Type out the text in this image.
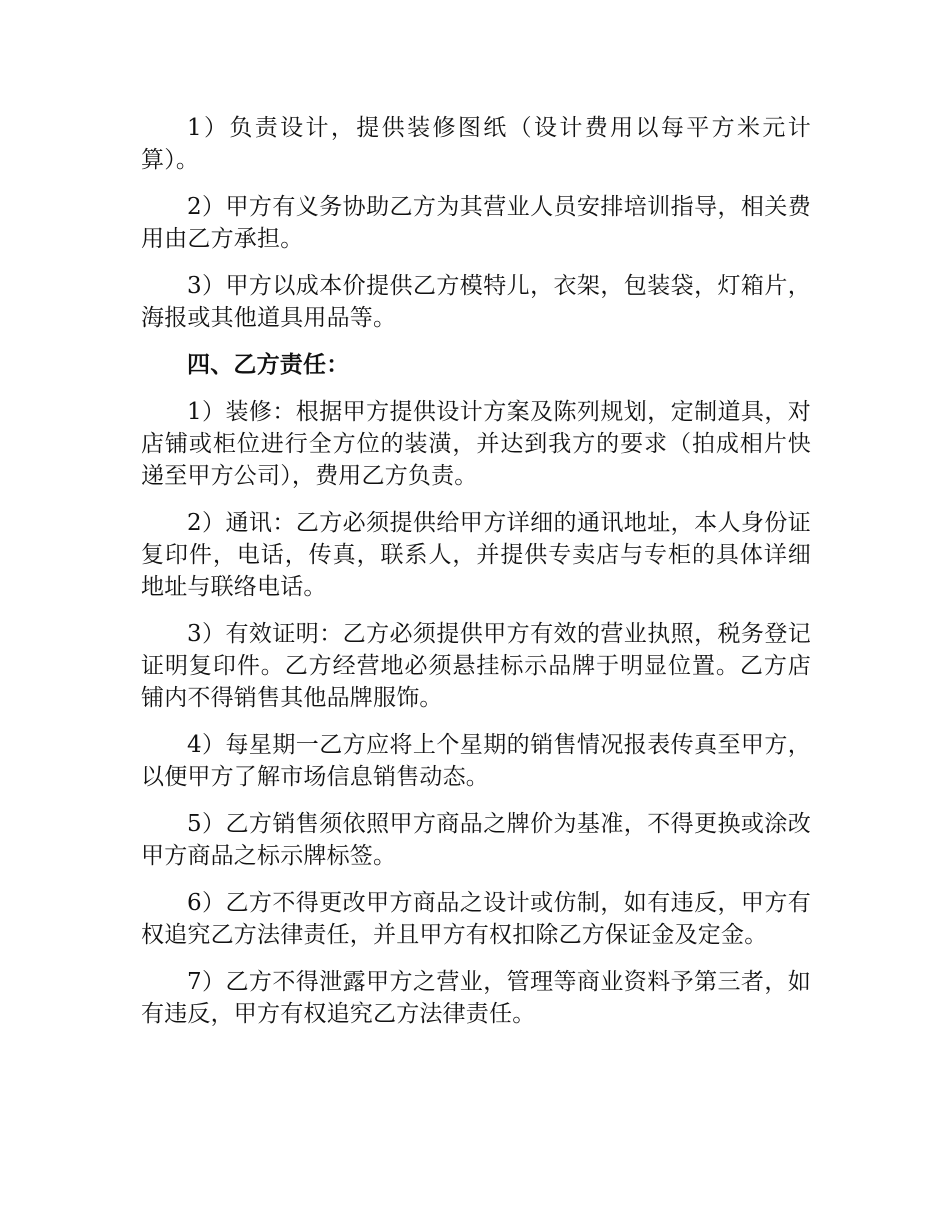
1）负责设计，提供装修图纸（设计费用以每平方米元计算）。

2）甲方有义务协助乙方为其营业人员安排培训指导，相关费用由乙方承担。

3）甲方以成本价提供乙方模特儿，衣架，包装袋，灯箱片，海报或其他道具用品等。

四、乙方责任：

1）装修：根据甲方提供设计方案及陈列规划，定制道具，对店铺或柜位进行全方位的装潢，并达到我方的要求（拍成相片快递至甲方公司），费用乙方负责。

2）通讯：乙方必须提供给甲方详细的通讯地址，本人身份证复印件，电话，传真，联系人，并提供专卖店与专柜的具体详细地址与联络电话。

3）有效证明：乙方必须提供甲方有效的营业执照，税务登记证明复印件。乙方经营地必须悬挂标示品牌于明显位置。乙方店铺内不得销售其他品牌服饰。

4）每星期一乙方应将上个星期的销售情况报表传真至甲方，以便甲方了解市场信息销售动态。

5）乙方销售须依照甲方商品之牌价为基准，不得更换或涂改甲方商品之标示牌标签。

6）乙方不得更改甲方商品之设计或仿制，如有违反，甲方有权追究乙方法律责任，并且甲方有权扣除乙方保证金及定金。

7）乙方不得泄露甲方之营业，管理等商业资料予第三者，如有违反，甲方有权追究乙方法律责任。
